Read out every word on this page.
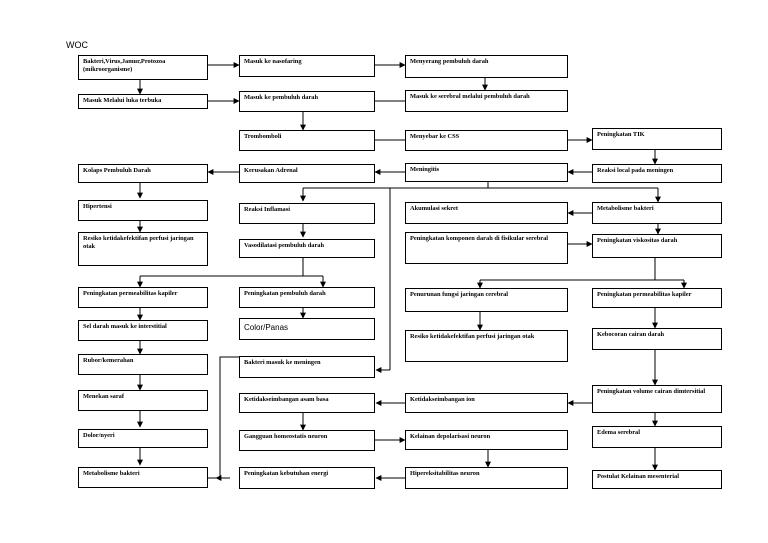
WOC
Bakteri,Virus,Jamur,Protozoa (mikroorganisme)
Masuk Melalui luka terbuka
Kolaps Pembuluh Darah
Hipertensi
Resiko ketidakefektifan perfusi jaringan otak
Peningkatan permeabilitas kapiler
Sel darah masuk ke interstitial
Rubor/kemerahan
Menekan saraf
Dolor/nyeri
Metabolisme bakteri
Masuk ke nasofaring
Masuk ke pembuluh darah
Trombomboli
Kerusakan Adrenal
Reaksi Inflamasi
Vasodilatasi pembuluh darah
Peningkatan pembuluh darah
Color/Panas
Bakteri masuk ke meningen
Ketidakseimbangan asam basa
Gangguan homeostatis neuron
Peningkatan kebutuhan energi
Menyerang pembuluh darah
Masuk ke serebral melalui pembuluh darah
Menyebar ke CSS
Meningitis
Akumulasi sekret
Peningkatan komponen darah di fisikular serebral
Penurunan fungsi jaringan cerebral
Resiko ketidakefektifan perfusi jaringan otak
Ketidakseimbangan ion
Kelainan depolarisasi neuron
Hipereksitabilitas neuron
Peningkatan TIK
Reaksi local pada meningen
Metabolisme bakteri
Peningkatan viskositas darah
Peningkatan permeabilitas kapiler
Kebocoran cairan darah
Peningkatan volume cairan dimtersitial
Edema serebral
Postulat Kelainan mesenterial
